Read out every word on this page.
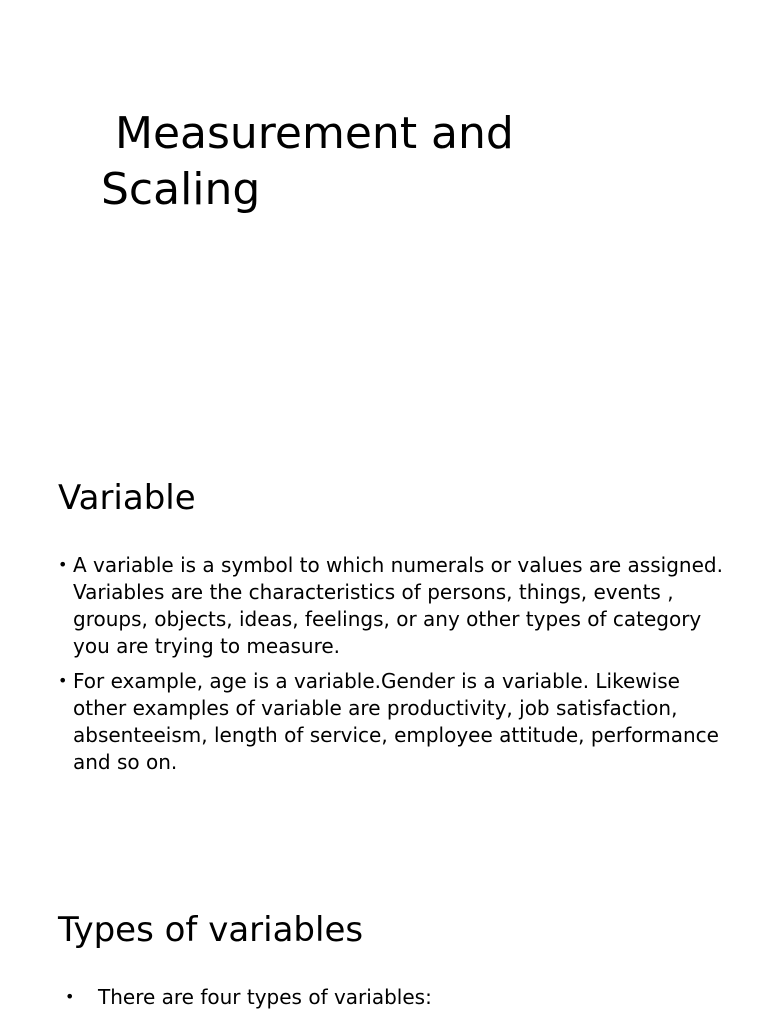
Measurement and
Scaling
Variable
• A variable is a symbol to which numerals or values are assigned. Variables are the characteristics of persons, things, events , groups, objects, ideas, feelings, or any other types of category you are trying to measure.
• For example, age is a variable.Gender is a variable. Likewise other examples of variable are productivity, job satisfaction, absenteeism, length of service, employee attitude, performance and so on.
Types of variables
• There are four types of variables:
